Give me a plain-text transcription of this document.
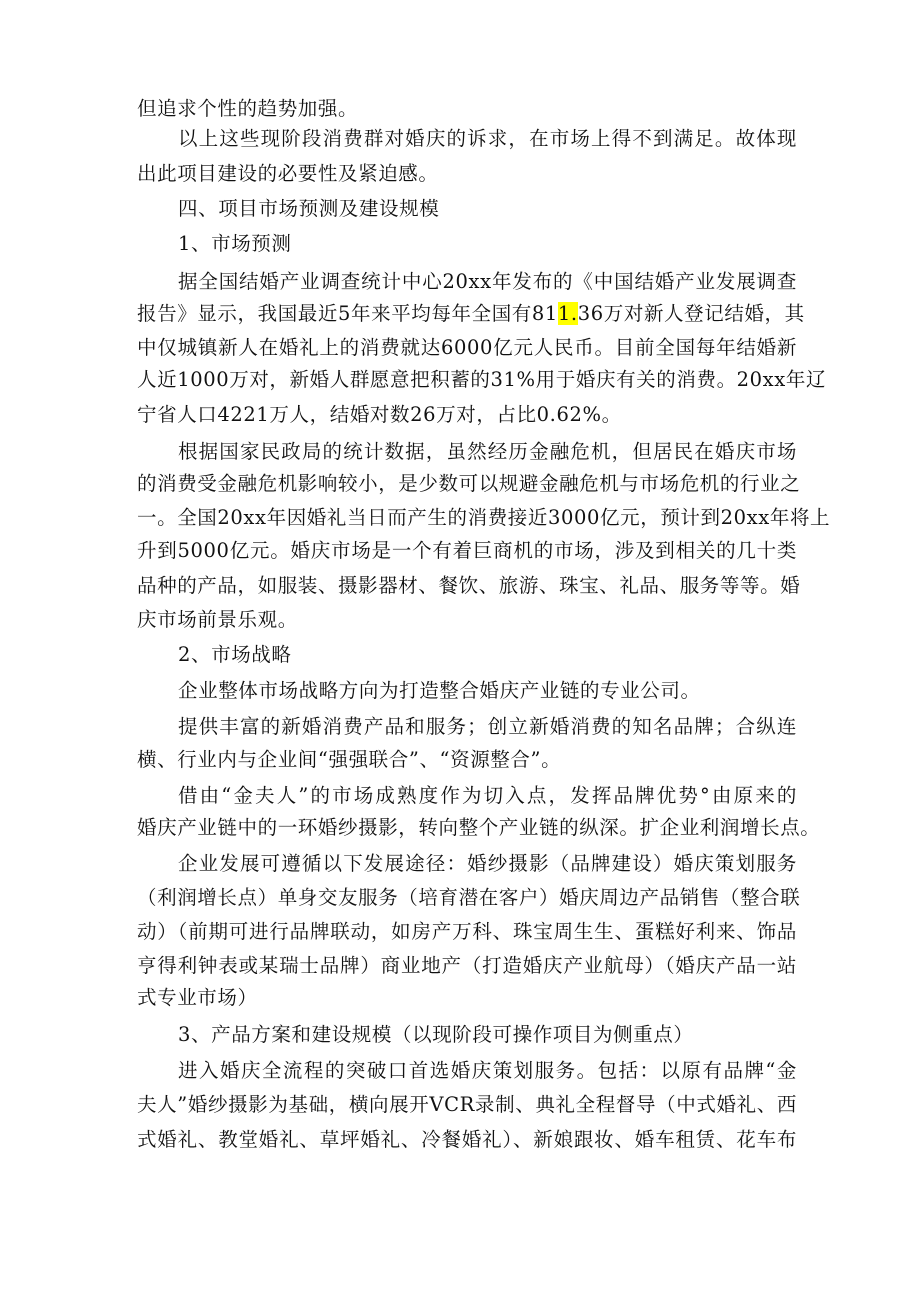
但追求个性的趋势加强。
以上这些现阶段消费群对婚庆的诉求，在市场上得不到满足。故体现
出此项目建设的必要性及紧迫感。
四、项目市场预测及建设规模
1、市场预测
据全国结婚产业调查统计中心20xx年发布的《中国结婚产业发展调查
报告》显示，我国最近5年来平均每年全国有811.36万对新人登记结婚，其
中仅城镇新人在婚礼上的消费就达6000亿元人民币。目前全国每年结婚新
人近1000万对，新婚人群愿意把积蓄的31%用于婚庆有关的消费。20xx年辽
宁省人口4221万人，结婚对数26万对，占比0.62%。
根据国家民政局的统计数据，虽然经历金融危机，但居民在婚庆市场
的消费受金融危机影响较小，是少数可以规避金融危机与市场危机的行业之
一。全国20xx年因婚礼当日而产生的消费接近3000亿元，预计到20xx年将上
升到5000亿元。婚庆市场是一个有着巨商机的市场，涉及到相关的几十类
品种的产品，如服装、摄影器材、餐饮、旅游、珠宝、礼品、服务等等。婚
庆市场前景乐观。
2、市场战略
企业整体市场战略方向为打造整合婚庆产业链的专业公司。
提供丰富的新婚消费产品和服务；创立新婚消费的知名品牌；合纵连
横、行业内与企业间“强强联合”、“资源整合”。
借由“金夫人”的市场成熟度作为切入点，发挥品牌优势°由原来的
婚庆产业链中的一环婚纱摄影，转向整个产业链的纵深。扩企业利润增长点。
企业发展可遵循以下发展途径：婚纱摄影（品牌建设）婚庆策划服务
（利润增长点）单身交友服务（培育潜在客户）婚庆周边产品销售（整合联
动）（前期可进行品牌联动，如房产万科、珠宝周生生、蛋糕好利来、饰品
亨得利钟表或某瑞士品牌）商业地产（打造婚庆产业航母）（婚庆产品一站
式专业市场）
3、产品方案和建设规模（以现阶段可操作项目为侧重点）
进入婚庆全流程的突破口首选婚庆策划服务。包括：以原有品牌“金
夫人”婚纱摄影为基础，横向展开VCR录制、典礼全程督导（中式婚礼、西
式婚礼、教堂婚礼、草坪婚礼、冷餐婚礼）、新娘跟妆、婚车租赁、花车布
